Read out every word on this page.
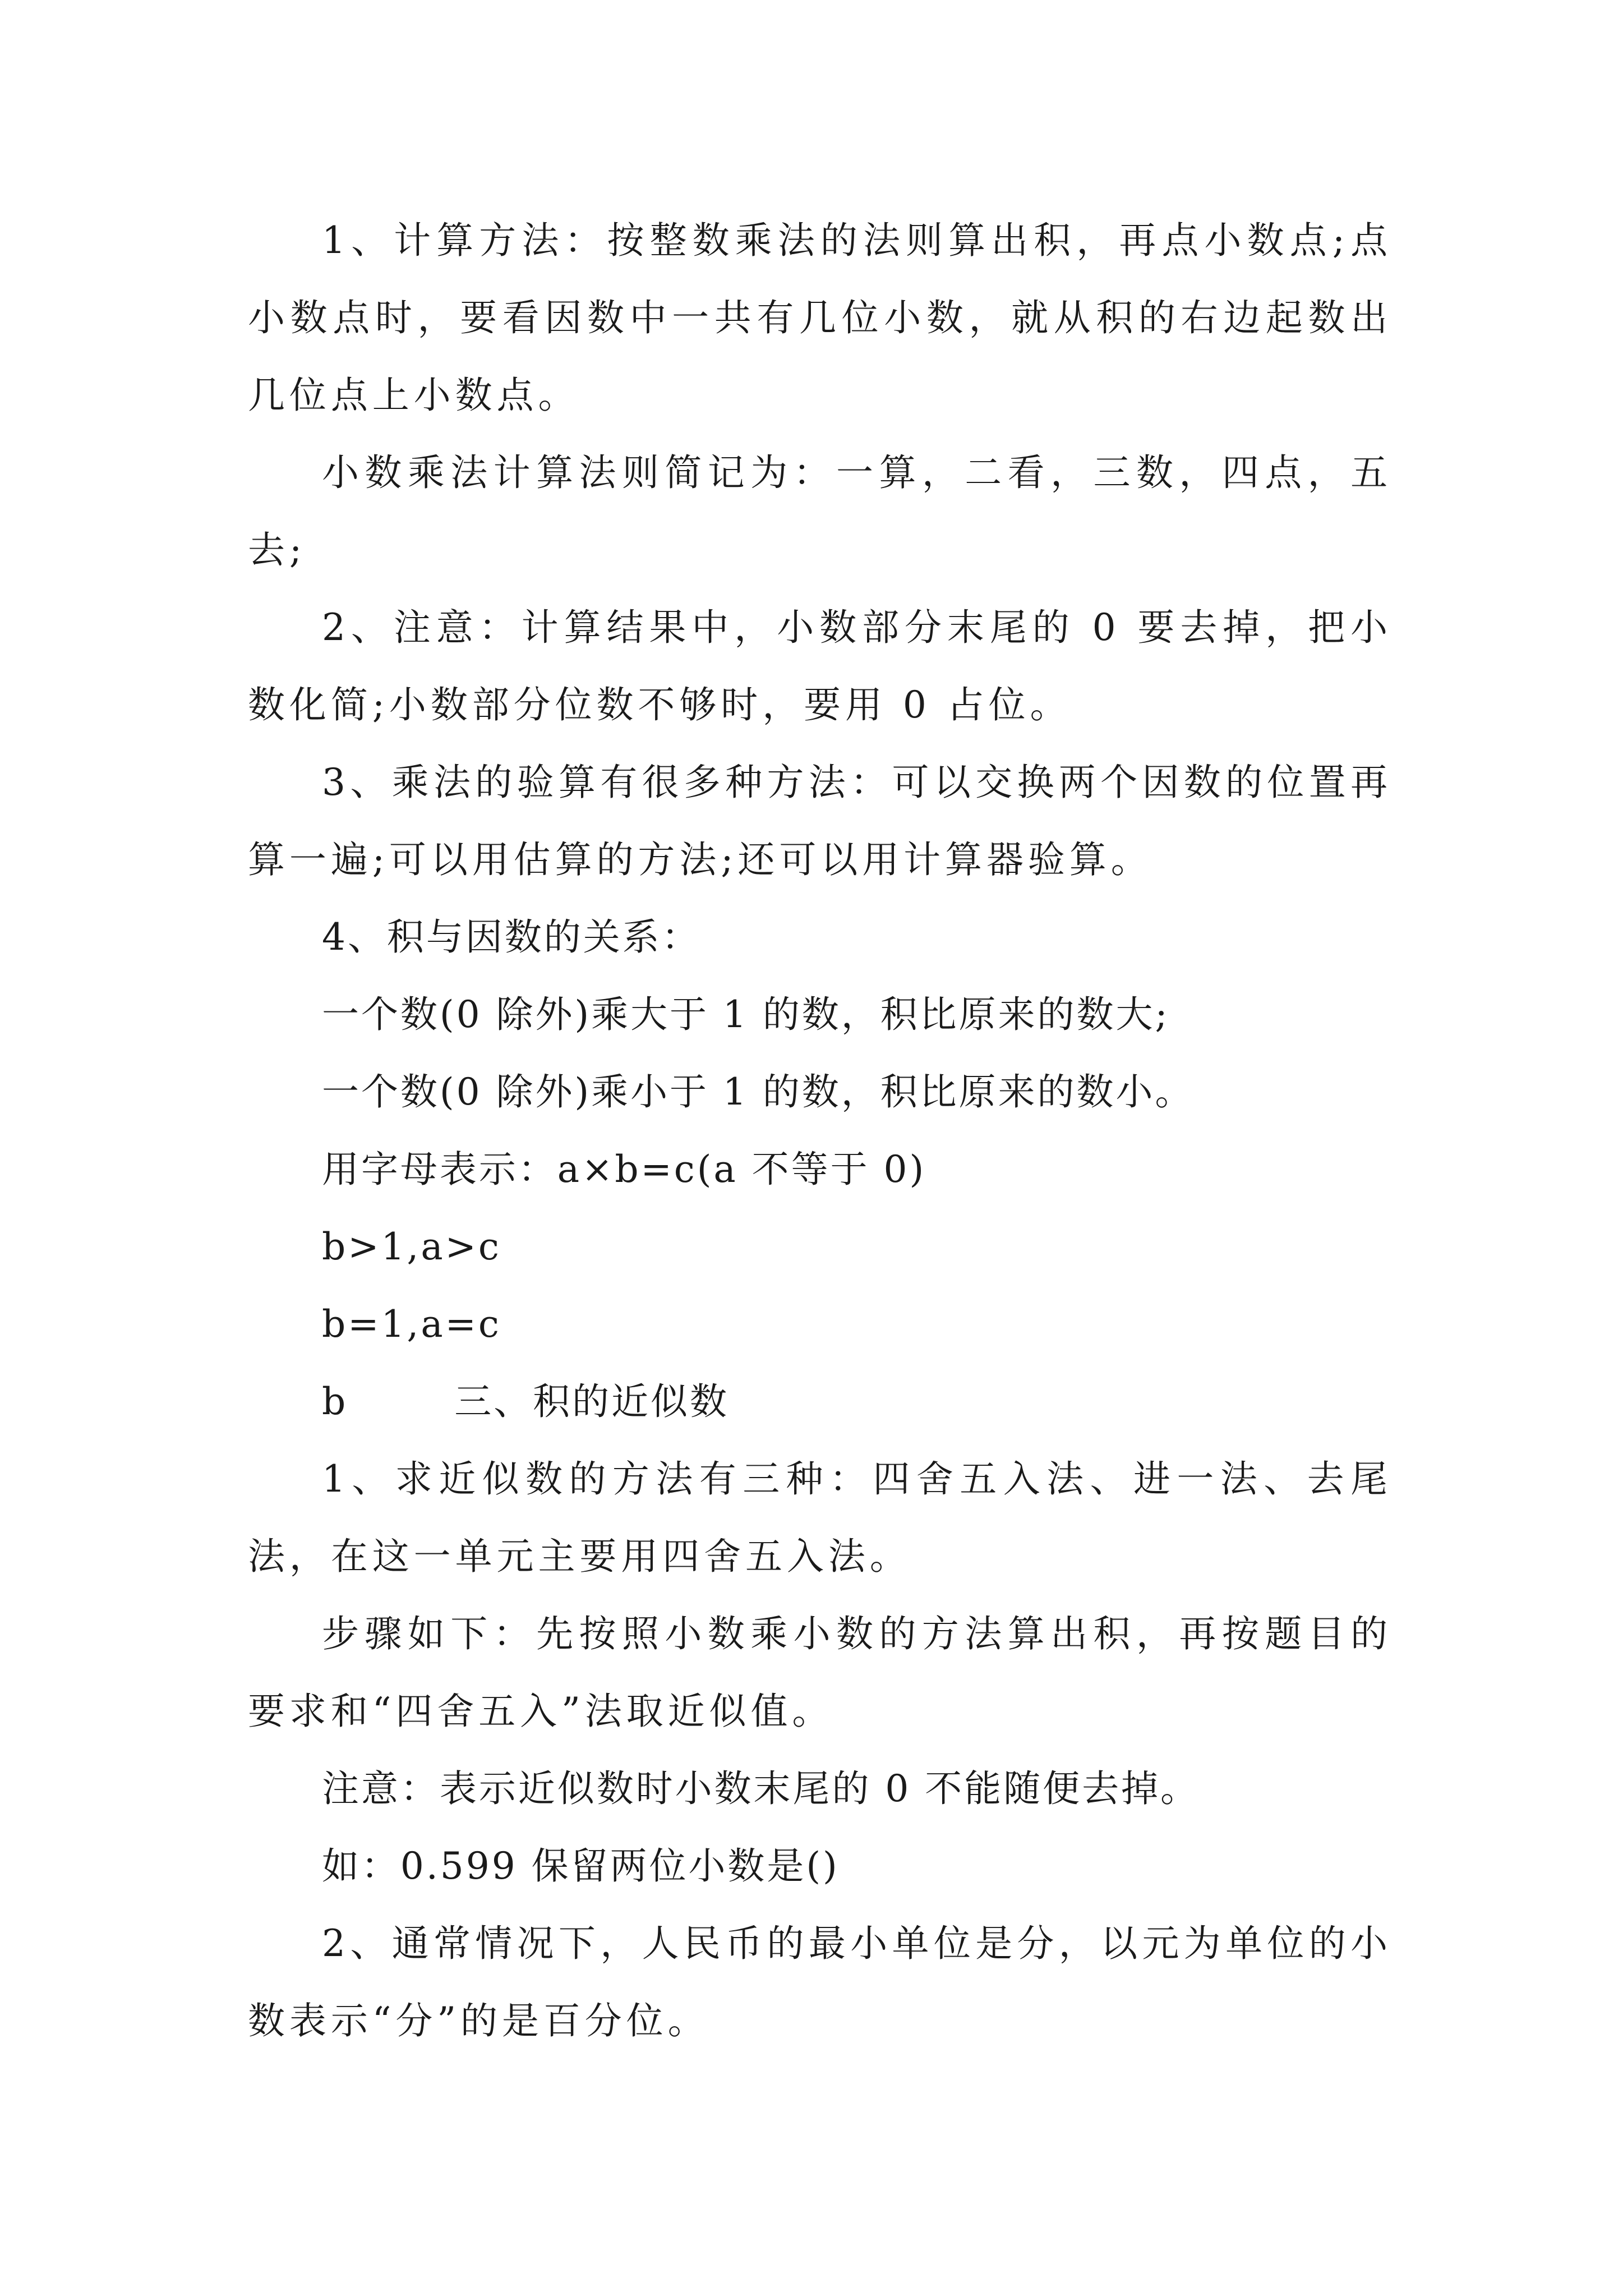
1、计算方法：按整数乘法的法则算出积，再点小数点;点小数点时，要看因数中一共有几位小数，就从积的右边起数出几位点上小数点。

小数乘法计算法则简记为：一算，二看，三数，四点，五去;

2、注意：计算结果中，小数部分末尾的 0 要去掉，把小数化简;小数部分位数不够时，要用 0 占位。

3、乘法的验算有很多种方法：可以交换两个因数的位置再算一遍;可以用估算的方法;还可以用计算器验算。

4、积与因数的关系：

一个数(0 除外)乘大于 1 的数，积比原来的数大;

一个数(0 除外)乘小于 1 的数，积比原来的数小。

用字母表示：a×b=c(a 不等于 0)

b>1,a>c

b=1,a=c

b	三、积的近似数

1、求近似数的方法有三种：四舍五入法、进一法、去尾法，在这一单元主要用四舍五入法。

步骤如下：先按照小数乘小数的方法算出积，再按题目的要求和“四舍五入”法取近似值。

注意：表示近似数时小数末尾的 0 不能随便去掉。

如：0.599 保留两位小数是()

2、通常情况下，人民币的最小单位是分，以元为单位的小数表示“分”的是百分位。
